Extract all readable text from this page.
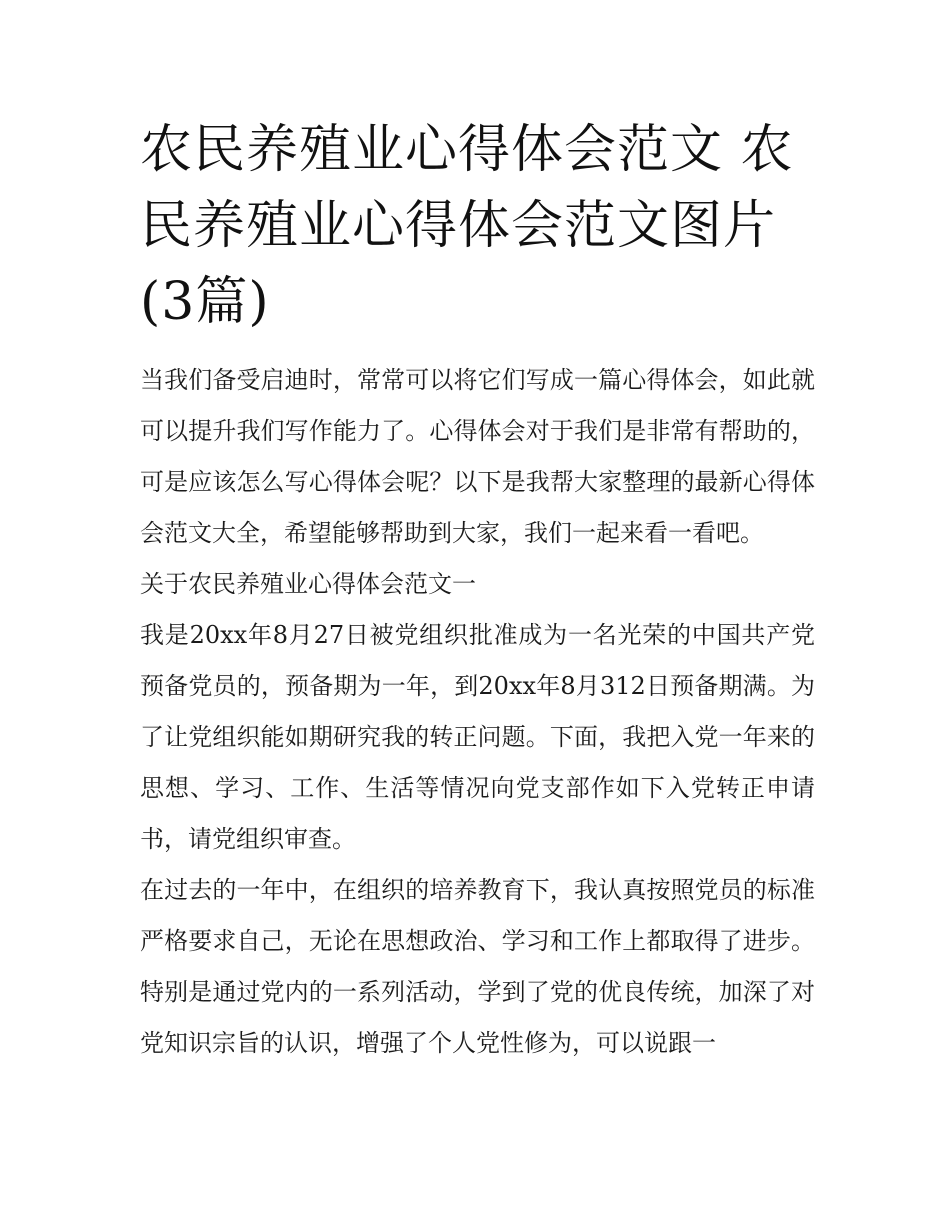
农民养殖业心得体会范文 农民养殖业心得体会范文图片(3篇)

当我们备受启迪时，常常可以将它们写成一篇心得体会，如此就可以提升我们写作能力了。心得体会对于我们是非常有帮助的，可是应该怎么写心得体会呢？以下是我帮大家整理的最新心得体会范文大全，希望能够帮助到大家，我们一起来看一看吧。

关于农民养殖业心得体会范文一

我是20xx年8月27日被党组织批准成为一名光荣的中国共产党预备党员的，预备期为一年，到20xx年8月312日预备期满。为了让党组织能如期研究我的转正问题。下面，我把入党一年来的思想、学习、工作、生活等情况向党支部作如下入党转正申请书，请党组织审查。

在过去的一年中，在组织的培养教育下，我认真按照党员的标准严格要求自己，无论在思想政治、学习和工作上都取得了进步。特别是通过党内的一系列活动，学到了党的优良传统，加深了对党知识宗旨的认识，增强了个人党性修为，可以说跟一
